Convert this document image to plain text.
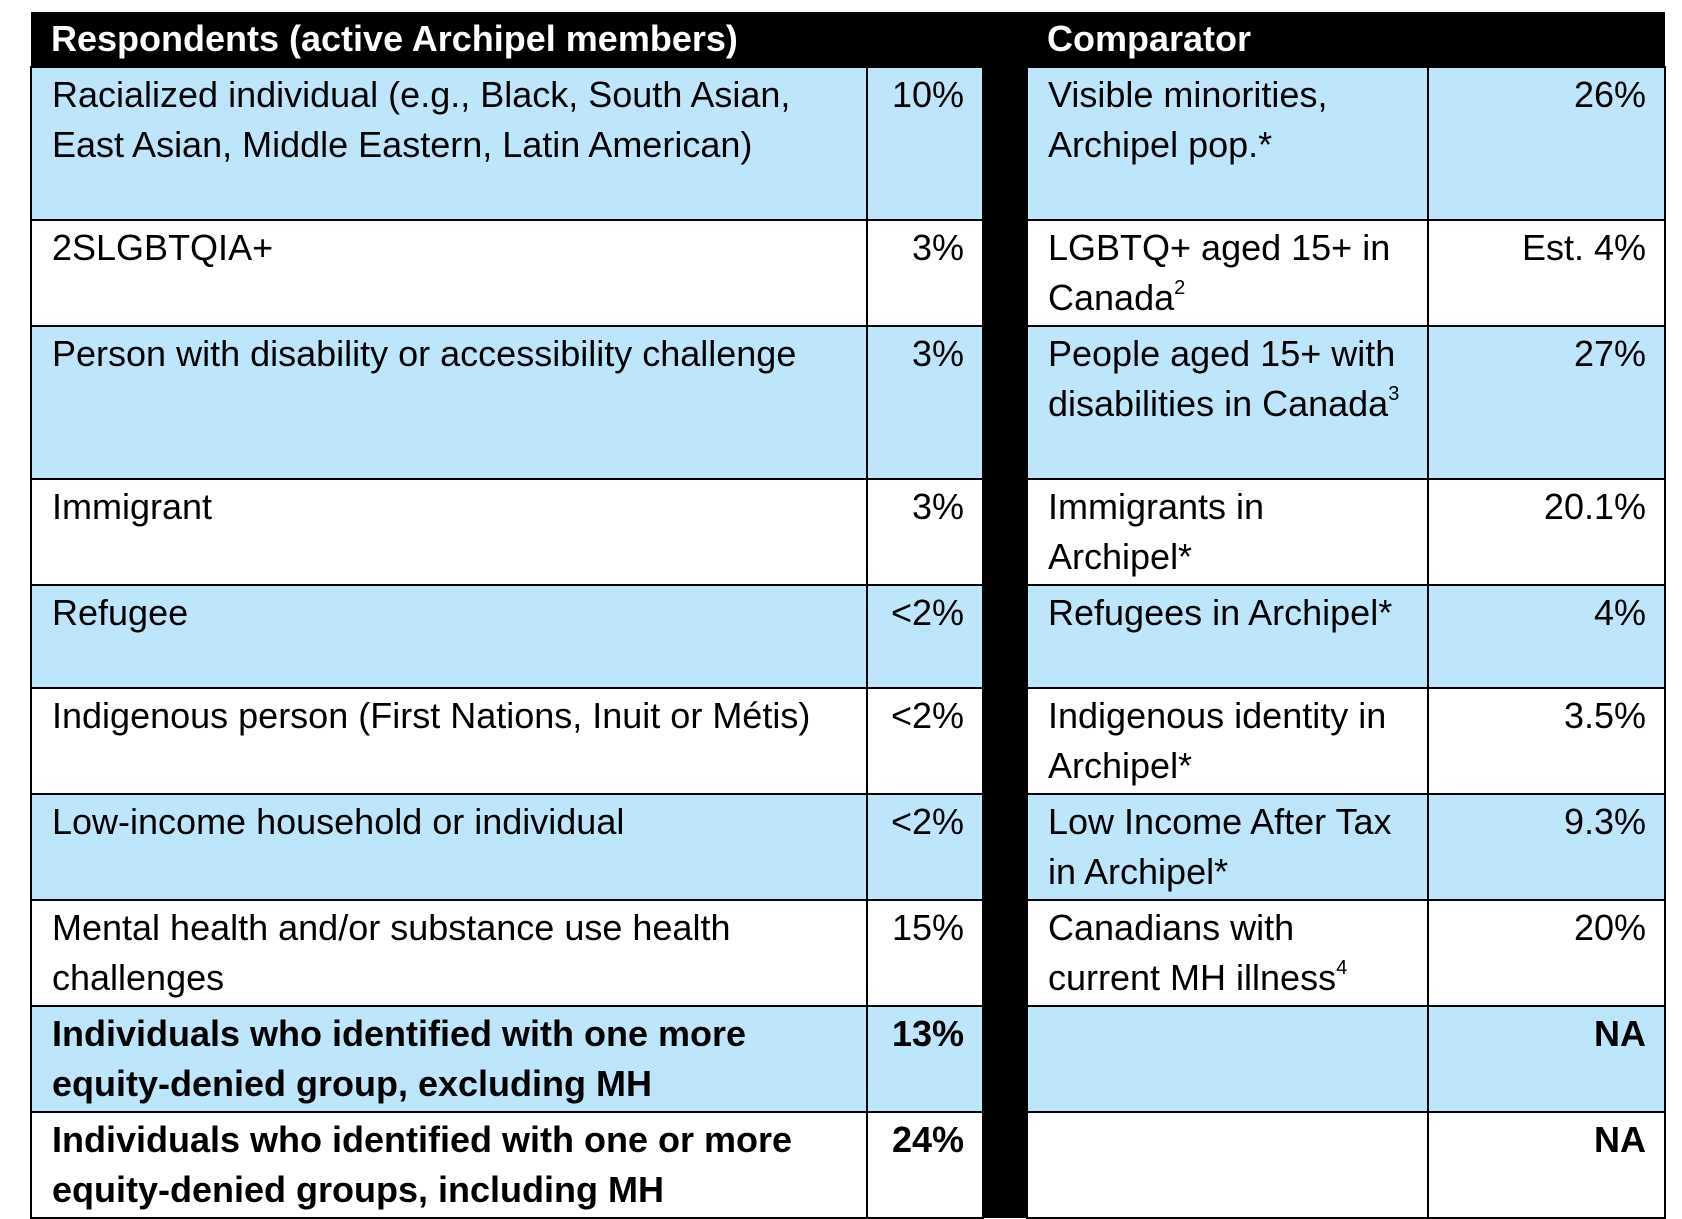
Respondents (active Archipel members)			Comparator	
Racialized individual (e.g., Black, South Asian, East Asian, Middle Eastern, Latin American)	10%		Visible minorities, Archipel pop.*	26%
2SLGBTQIA+	3%		LGBTQ+ aged 15+ in Canada$^2$	Est. 4%
Person with disability or accessibility challenge	3%		People aged 15+ with disabilities in Canada$^3$	27%
Immigrant	3%		Immigrants in Archipel*	20.1%
Refugee	<2%		Refugees in Archipel*	4%
Indigenous person (First Nations, Inuit or Métis)	<2%		Indigenous identity in Archipel*	3.5%
Low-income household or individual	<2%		Low Income After Tax in Archipel*	9.3%
Mental health and/or substance use health challenges	15%		Canadians with current MH illness$^4$	20%
Individuals who identified with one more equity-denied group, excluding MH	13%			NA
Individuals who identified with one or more equity-denied groups, including MH	24%			NA
